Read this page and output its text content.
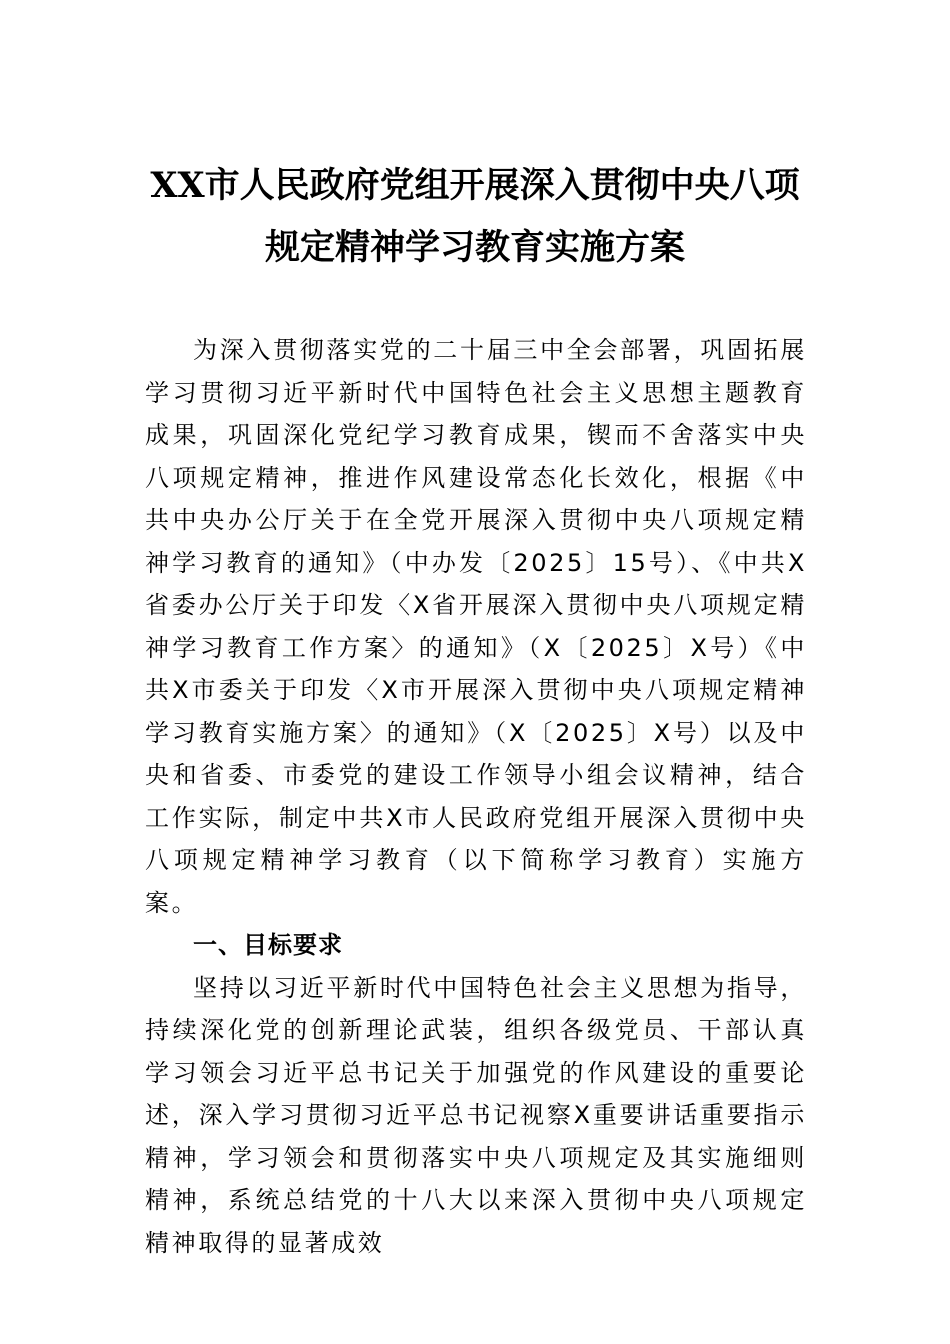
XX市人民政府党组开展深入贯彻中央八项
规定精神学习教育实施方案

为深入贯彻落实党的二十届三中全会部署，巩固拓展学习贯彻习近平新时代中国特色社会主义思想主题教育成果，巩固深化党纪学习教育成果，锲而不舍落实中央八项规定精神，推进作风建设常态化长效化，根据《中共中央办公厅关于在全党开展深入贯彻中央八项规定精神学习教育的通知》（中办发〔2025〕15号）、《中共X省委办公厅关于印发〈X省开展深入贯彻中央八项规定精神学习教育工作方案〉的通知》（X〔2025〕X号）《中共X市委关于印发〈X市开展深入贯彻中央八项规定精神学习教育实施方案〉的通知》（X〔2025〕X号）以及中央和省委、市委党的建设工作领导小组会议精神，结合工作实际，制定中共X市人民政府党组开展深入贯彻中央八项规定精神学习教育（以下简称学习教育）实施方案。

一、目标要求

坚持以习近平新时代中国特色社会主义思想为指导，持续深化党的创新理论武装，组织各级党员、干部认真学习领会习近平总书记关于加强党的作风建设的重要论述，深入学习贯彻习近平总书记视察X重要讲话重要指示精神，学习领会和贯彻落实中央八项规定及其实施细则精神，系统总结党的十八大以来深入贯彻中央八项规定精神取得的显著成效
